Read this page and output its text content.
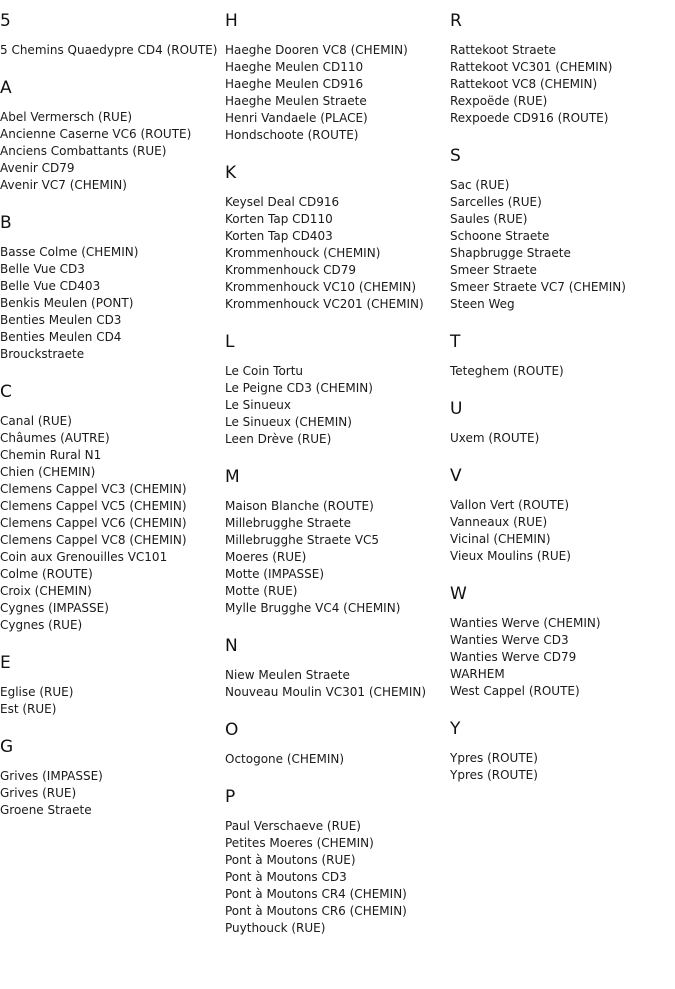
5
5 Chemins Quaedypre CD4 (ROUTE)
A
Abel Vermersch (RUE)
Ancienne Caserne VC6 (ROUTE)
Anciens Combattants (RUE)
Avenir CD79
Avenir VC7 (CHEMIN)
B
Basse Colme (CHEMIN)
Belle Vue CD3
Belle Vue CD403
Benkis Meulen (PONT)
Benties Meulen CD3
Benties Meulen CD4
Brouckstraete
C
Canal (RUE)
Châumes (AUTRE)
Chemin Rural N1
Chien (CHEMIN)
Clemens Cappel VC3 (CHEMIN)
Clemens Cappel VC5 (CHEMIN)
Clemens Cappel VC6 (CHEMIN)
Clemens Cappel VC8 (CHEMIN)
Coin aux Grenouilles VC101
Colme (ROUTE)
Croix (CHEMIN)
Cygnes (IMPASSE)
Cygnes (RUE)
E
Eglise (RUE)
Est (RUE)
G
Grives (IMPASSE)
Grives (RUE)
Groene Straete
H
Haeghe Dooren VC8 (CHEMIN)
Haeghe Meulen CD110
Haeghe Meulen CD916
Haeghe Meulen Straete
Henri Vandaele (PLACE)
Hondschoote (ROUTE)
K
Keysel Deal CD916
Korten Tap CD110
Korten Tap CD403
Krommenhouck (CHEMIN)
Krommenhouck CD79
Krommenhouck VC10 (CHEMIN)
Krommenhouck VC201 (CHEMIN)
L
Le Coin Tortu
Le Peigne CD3 (CHEMIN)
Le Sinueux
Le Sinueux (CHEMIN)
Leen Drève (RUE)
M
Maison Blanche (ROUTE)
Millebrugghe Straete
Millebrugghe Straete VC5
Moeres (RUE)
Motte (IMPASSE)
Motte (RUE)
Mylle Brugghe VC4 (CHEMIN)
N
Niew Meulen Straete
Nouveau Moulin VC301 (CHEMIN)
O
Octogone (CHEMIN)
P
Paul Verschaeve (RUE)
Petites Moeres (CHEMIN)
Pont à Moutons (RUE)
Pont à Moutons CD3
Pont à Moutons CR4 (CHEMIN)
Pont à Moutons CR6 (CHEMIN)
Puythouck (RUE)
R
Rattekoot Straete
Rattekoot VC301 (CHEMIN)
Rattekoot VC8 (CHEMIN)
Rexpoëde (RUE)
Rexpoede CD916 (ROUTE)
S
Sac (RUE)
Sarcelles (RUE)
Saules (RUE)
Schoone Straete
Shapbrugge Straete
Smeer Straete
Smeer Straete VC7 (CHEMIN)
Steen Weg
T
Teteghem (ROUTE)
U
Uxem (ROUTE)
V
Vallon Vert (ROUTE)
Vanneaux (RUE)
Vicinal (CHEMIN)
Vieux Moulins (RUE)
W
Wanties Werve (CHEMIN)
Wanties Werve CD3
Wanties Werve CD79
WARHEM
West Cappel (ROUTE)
Y
Ypres (ROUTE)
Ypres (ROUTE)
